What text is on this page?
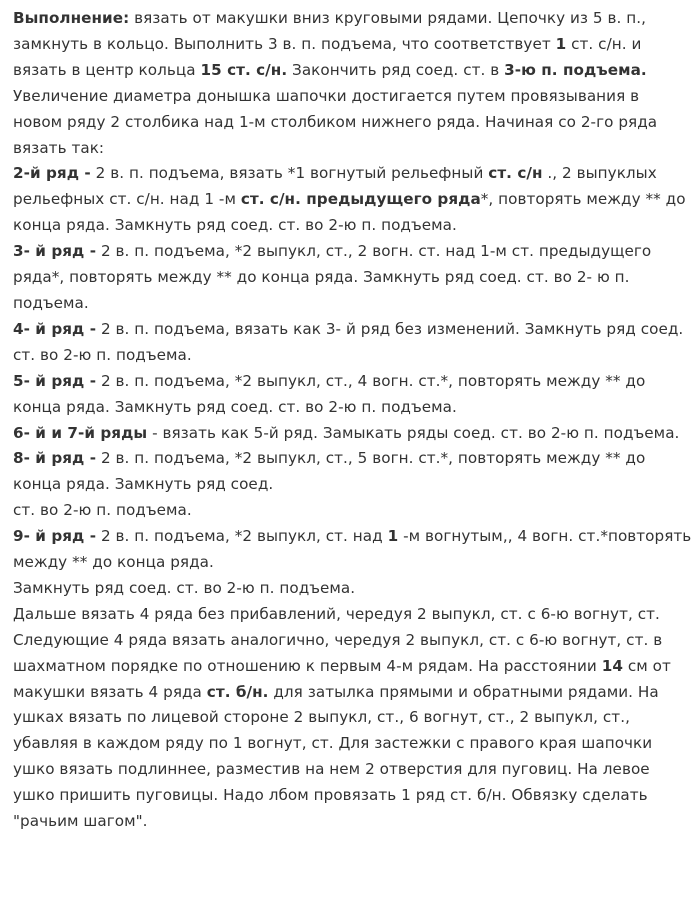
Выполнение: вязать от макушки вниз круговыми рядами. Цепочку из 5 в. п., замкнуть в кольцо. Выполнить 3 в. п. подъема, что соответствует 1 ст. с/н. и вязать в центр кольца 15 ст. с/н. Закончить ряд соед. ст. в 3-ю п. подъема. Увеличение диаметра донышка шапочки достигается путем провязывания в новом ряду 2 столбика над 1-м столбиком нижнего ряда. Начиная со 2-го ряда вязать так:

2-й ряд - 2 в. п. подъема, вязать *1 вогнутый рельефный ст. с/н ., 2 выпуклых рельефных ст. с/н. над 1 -м ст. с/н. предыдущего ряда*, повторять между ** до конца ряда. Замкнуть ряд соед. ст. во 2-ю п. подъема.

3- й ряд - 2 в. п. подъема, *2 выпукл, ст., 2 вогн. ст. над 1-м ст. предыдущего ряда*, повторять между ** до конца ряда. Замкнуть ряд соед. ст. во 2- ю п. подъема.

4- й ряд - 2 в. п. подъема, вязать как 3- й ряд без изменений. Замкнуть ряд соед. ст. во 2-ю п. подъема.

5- й ряд - 2 в. п. подъема, *2 выпукл, ст., 4 вогн. ст.*, повторять между ** до конца ряда. Замкнуть ряд соед. ст. во 2-ю п. подъема.

6- й и 7-й ряды - вязать как 5-й ряд. Замыкать ряды соед. ст. во 2-ю п. подъема.

8- й ряд - 2 в. п. подъема, *2 выпукл, ст., 5 вогн. ст.*, повторять между ** до конца ряда. Замкнуть ряд соед.

ст. во 2-ю п. подъема.

9- й ряд - 2 в. п. подъема, *2 выпукл, ст. над 1 -м вогнутым,, 4 вогн. ст.*повторять между ** до конца ряда.

Замкнуть ряд соед. ст. во 2-ю п. подъема.

Дальше вязать 4 ряда без прибавлений, чередуя 2 выпукл, ст. с 6-ю вогнут, ст. Следующие 4 ряда вязать аналогично, чередуя 2 выпукл, ст. с 6-ю вогнут, ст. в шахматном порядке по отношению к первым 4-м рядам. На расстоянии 14 см от макушки вязать 4 ряда ст. б/н. для затылка прямыми и обратными рядами. На ушках вязать по лицевой стороне 2 выпукл, ст., 6 вогнут, ст., 2 выпукл, ст., убавляя в каждом ряду по 1 вогнут, ст. Для застежки с правого края шапочки ушко вязать подлиннее, разместив на нем 2 отверстия для пуговиц. На левое ушко пришить пуговицы. Надо лбом провязать 1 ряд ст. б/н. Обвязку сделать "рачьим шагом".
